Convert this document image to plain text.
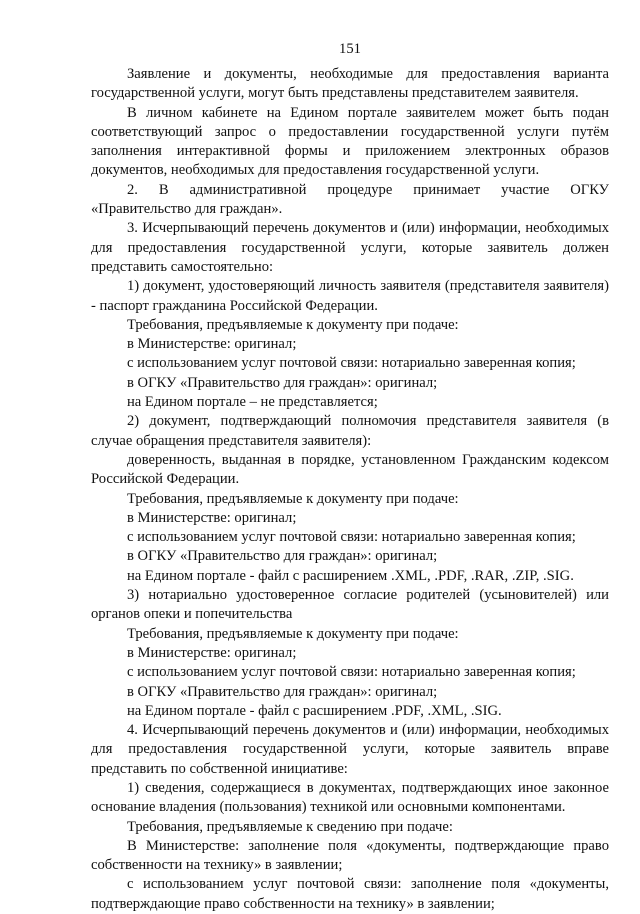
151

Заявление и документы, необходимые для предоставления варианта государственной услуги, могут быть представлены представителем заявителя.

В личном кабинете на Едином портале заявителем может быть подан соответствующий запрос о предоставлении государственной услуги путём заполнения интерактивной формы и приложением электронных образов документов, необходимых для предоставления государственной услуги.

2. В административной процедуре принимает участие ОГКУ «Правительство для граждан».

3. Исчерпывающий перечень документов и (или) информации, необходимых для предоставления государственной услуги, которые заявитель должен представить самостоятельно:

1) документ, удостоверяющий личность заявителя (представителя заявителя) - паспорт гражданина Российской Федерации.

Требования, предъявляемые к документу при подаче:

в Министерстве: оригинал;

с использованием услуг почтовой связи: нотариально заверенная копия;

в ОГКУ «Правительство для граждан»: оригинал;

на Едином портале – не представляется;

2) документ, подтверждающий полномочия представителя заявителя (в случае обращения представителя заявителя):

доверенность, выданная в порядке, установленном Гражданским кодексом Российской Федерации.

Требования, предъявляемые к документу при подаче:

в Министерстве: оригинал;

с использованием услуг почтовой связи: нотариально заверенная копия;

в ОГКУ «Правительство для граждан»: оригинал;

на Едином портале - файл с расширением .XML, .PDF, .RAR, .ZIP, .SIG.

3) нотариально удостоверенное согласие родителей (усыновителей) или органов опеки и попечительства

Требования, предъявляемые к документу при подаче:

в Министерстве: оригинал;

с использованием услуг почтовой связи: нотариально заверенная копия;

в ОГКУ «Правительство для граждан»: оригинал;

на Едином портале - файл с расширением .PDF, .XML, .SIG.

4. Исчерпывающий перечень документов и (или) информации, необходимых для предоставления государственной услуги, которые заявитель вправе представить по собственной инициативе:

1) сведения, содержащиеся в документах, подтверждающих иное законное основание владения (пользования) техникой или основными компонентами.

Требования, предъявляемые к сведению при подаче:

В Министерстве: заполнение поля «документы, подтверждающие право собственности на технику» в заявлении;

с использованием услуг почтовой связи: заполнение поля «документы, подтверждающие право собственности на технику» в заявлении;
